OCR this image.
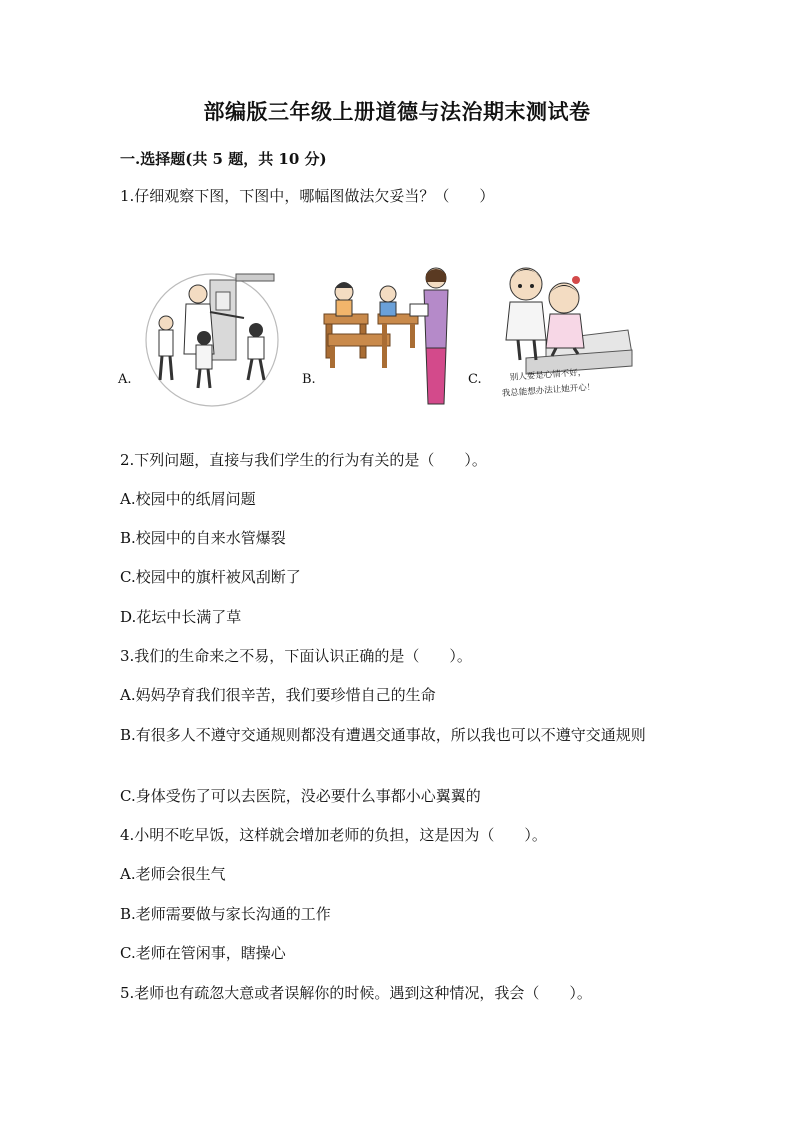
部编版三年级上册道德与法治期末测试卷
一.选择题(共 5 题，共 10 分)
1.仔细观察下图，下图中，哪幅图做法欠妥当？（　　）
A.	B.	C.	别人要是心情不好，
我总能想办法让她开心！
2.下列问题，直接与我们学生的行为有关的是（　　）。
A.校园中的纸屑问题
B.校园中的自来水管爆裂
C.校园中的旗杆被风刮断了
D.花坛中长满了草
3.我们的生命来之不易，下面认识正确的是（　　）。
A.妈妈孕育我们很辛苦，我们要珍惜自己的生命
B.有很多人不遵守交通规则都没有遭遇交通事故，所以我也可以不遵守交通规则
C.身体受伤了可以去医院，没必要什么事都小心翼翼的
4.小明不吃早饭，这样就会增加老师的负担，这是因为（　　）。
A.老师会很生气
B.老师需要做与家长沟通的工作
C.老师在管闲事，瞎操心
5.老师也有疏忽大意或者误解你的时候。遇到这种情况，我会（　　）。
